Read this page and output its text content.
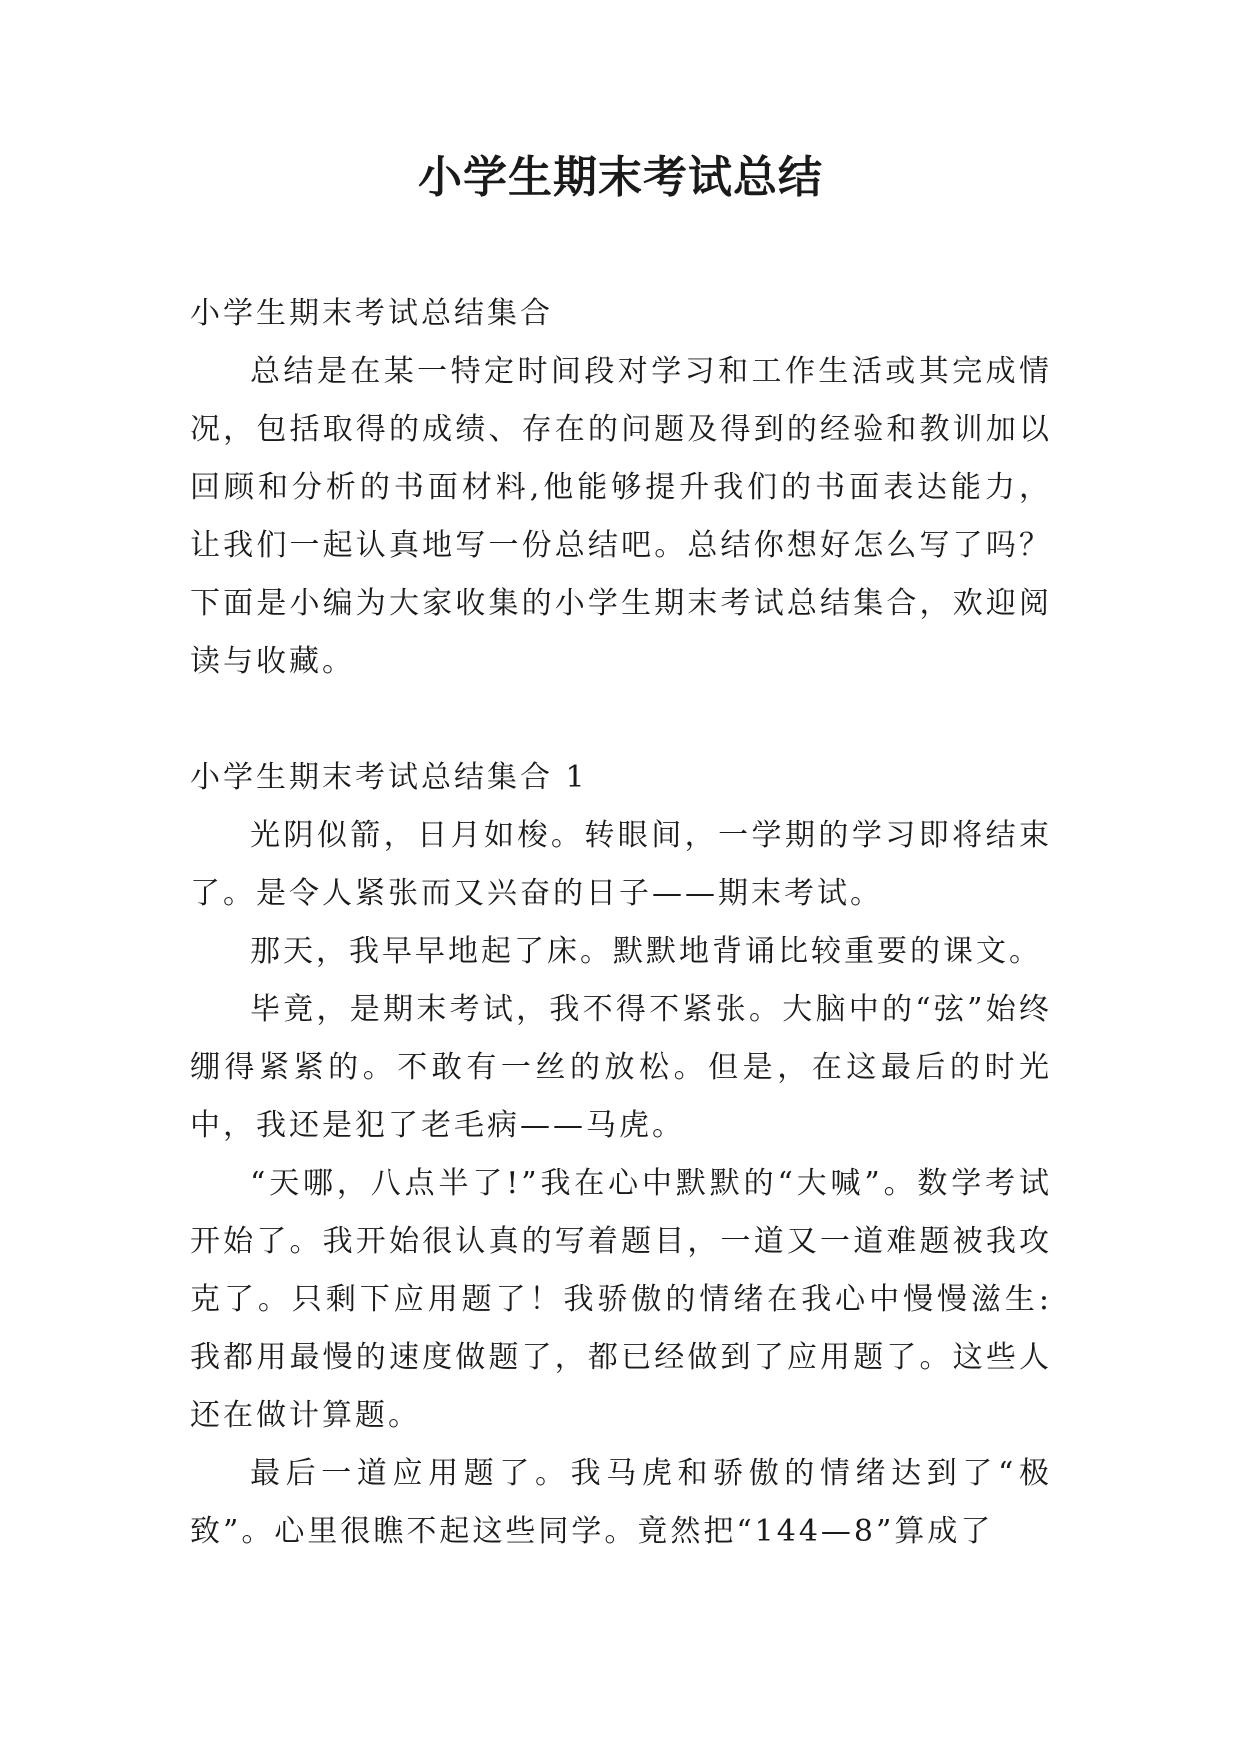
小学生期末考试总结

小学生期末考试总结集合

总结是在某一特定时间段对学习和工作生活或其完成情况，包括取得的成绩、存在的问题及得到的经验和教训加以回顾和分析的书面材料,他能够提升我们的书面表达能力，让我们一起认真地写一份总结吧。总结你想好怎么写了吗？下面是小编为大家收集的小学生期末考试总结集合，欢迎阅读与收藏。

小学生期末考试总结集合 1

光阴似箭，日月如梭。转眼间，一学期的学习即将结束了。是令人紧张而又兴奋的日子——期末考试。

那天，我早早地起了床。默默地背诵比较重要的课文。

毕竟，是期末考试，我不得不紧张。大脑中的“弦”始终绷得紧紧的。不敢有一丝的放松。但是，在这最后的时光中，我还是犯了老毛病——马虎。

“天哪，八点半了!”我在心中默默的“大喊”。数学考试开始了。我开始很认真的写着题目，一道又一道难题被我攻克了。只剩下应用题了！我骄傲的情绪在我心中慢慢滋生:我都用最慢的速度做题了，都已经做到了应用题了。这些人还在做计算题。

最后一道应用题了。我马虎和骄傲的情绪达到了“极致”。心里很瞧不起这些同学。竟然把“144—8”算成了
